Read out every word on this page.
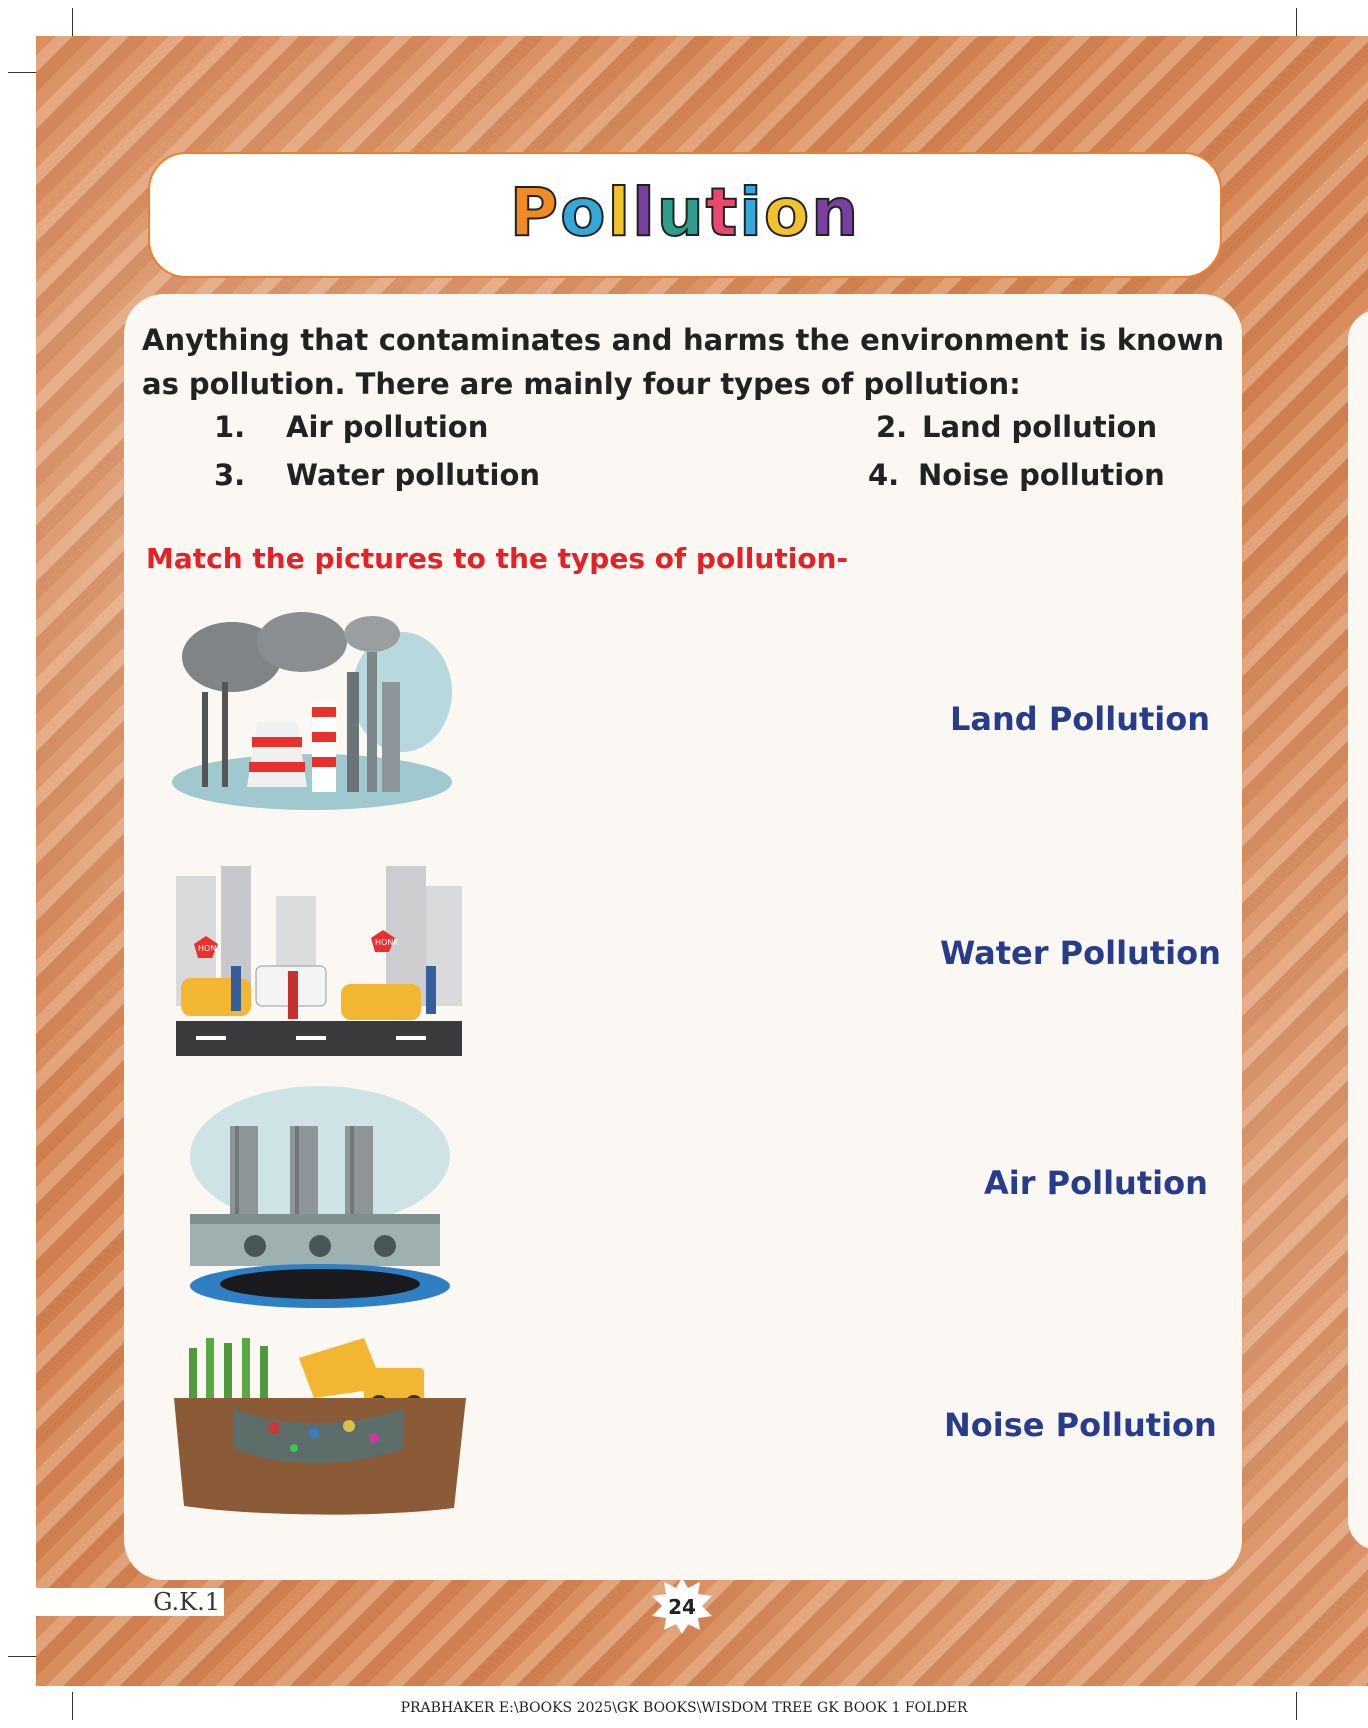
Pollution
Anything that contaminates and harms the environment is known as pollution. There are mainly four types of pollution:
1. Air pollution	2. Land pollution
3. Water pollution	4. Noise pollution
Match the pictures to the types of pollution-
HONK
HONK
Land Pollution
Water Pollution
Air Pollution
Noise Pollution
G.K.1	24
PRABHAKER E:\BOOKS 2025\GK BOOKS\WISDOM TREE GK BOOK 1 FOLDER
